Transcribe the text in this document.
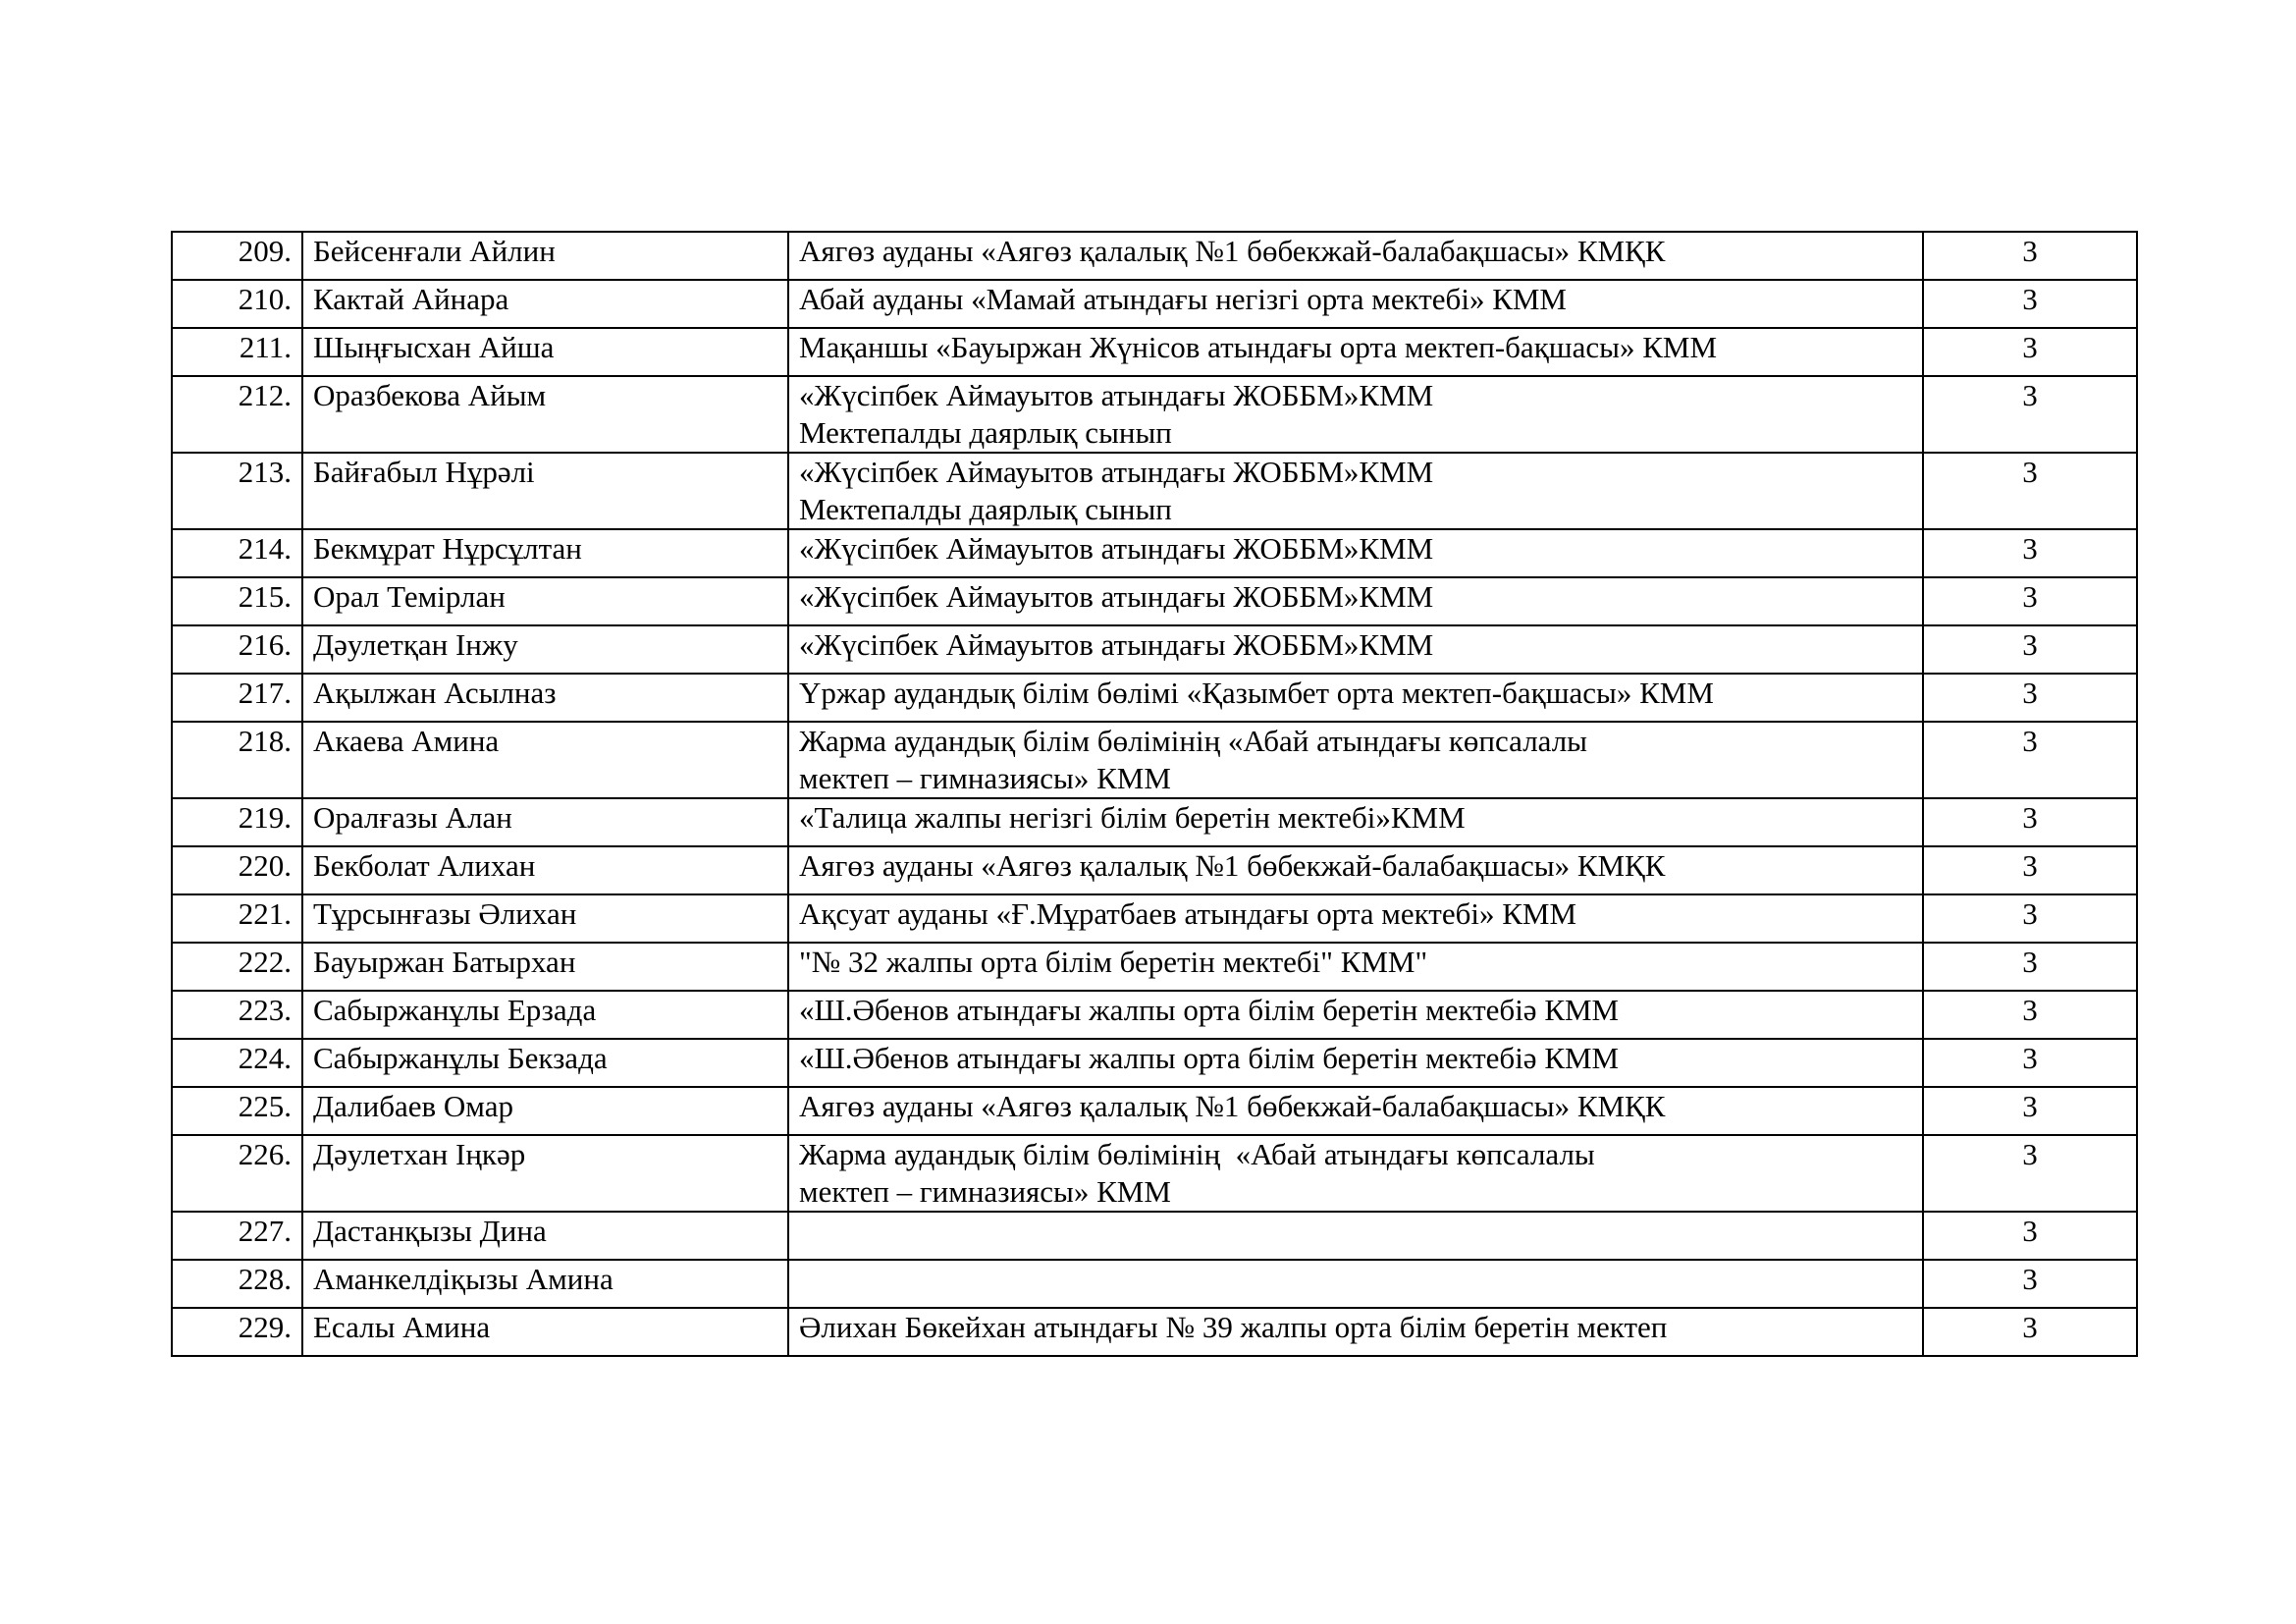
209.	Бейсенғали Айлин	Аягөз ауданы «Аягөз қалалық №1 бөбекжай-балабақшасы» КМҚК	3
210.	Кактай Айнара	Абай ауданы «Мамай атындағы негізгі орта мектебі» КММ	3
211.	Шыңғысхан Айша	Мақаншы «Бауыржан Жүнісов атындағы орта мектеп-бақшасы» КММ	3
212.	Оразбекова Айым	«Жүсіпбек Аймауытов атындағы ЖОББМ»КММ
Мектепалды даярлық сынып	3
213.	Байғабыл Нұрәлі	«Жүсіпбек Аймауытов атындағы ЖОББМ»КММ
Мектепалды даярлық сынып	3
214.	Бекмұрат Нұрсұлтан	«Жүсіпбек Аймауытов атындағы ЖОББМ»КММ	3
215.	Орал Темірлан	«Жүсіпбек Аймауытов атындағы ЖОББМ»КММ	3
216.	Дәулетқан Інжу	«Жүсіпбек Аймауытов атындағы ЖОББМ»КММ	3
217.	Ақылжан Асылназ	Үржар аудандық білім бөлімі «Қазымбет орта мектеп-бақшасы» КММ	3
218.	Акаева Амина	Жарма аудандық білім бөлімінің «Абай атындағы көпсалалы
мектеп – гимназиясы» КММ	3
219.	Оралғазы Алан	«Талица жалпы негізгі білім беретін мектебі»КММ	3
220.	Бекболат Алихан	Аягөз ауданы «Аягөз қалалық №1 бөбекжай-балабақшасы» КМҚК	3
221.	Тұрсынғазы Әлихан	Ақсуат ауданы «Ғ.Мұратбаев атындағы орта мектебі» КММ	3
222.	Бауыржан Батырхан	"№ 32 жалпы орта білім беретін мектебі" КММ"	3
223.	Сабыржанұлы Ерзада	«Ш.Әбенов атындағы жалпы орта білім беретін мектебіә КММ	3
224.	Сабыржанұлы Бекзада	«Ш.Әбенов атындағы жалпы орта білім беретін мектебіә КММ	3
225.	Далибаев Омар	Аягөз ауданы «Аягөз қалалық №1 бөбекжай-балабақшасы» КМҚК	3
226.	Дәулетхан Іңкәр	Жарма аудандық білім бөлімінің  «Абай атындағы көпсалалы
мектеп – гимназиясы» КММ	3
227.	Дастанқызы Дина		3
228.	Аманкелдіқызы Амина		3
229.	Есалы Амина	Әлихан Бөкейхан атындағы № 39 жалпы орта білім беретін мектеп	3
